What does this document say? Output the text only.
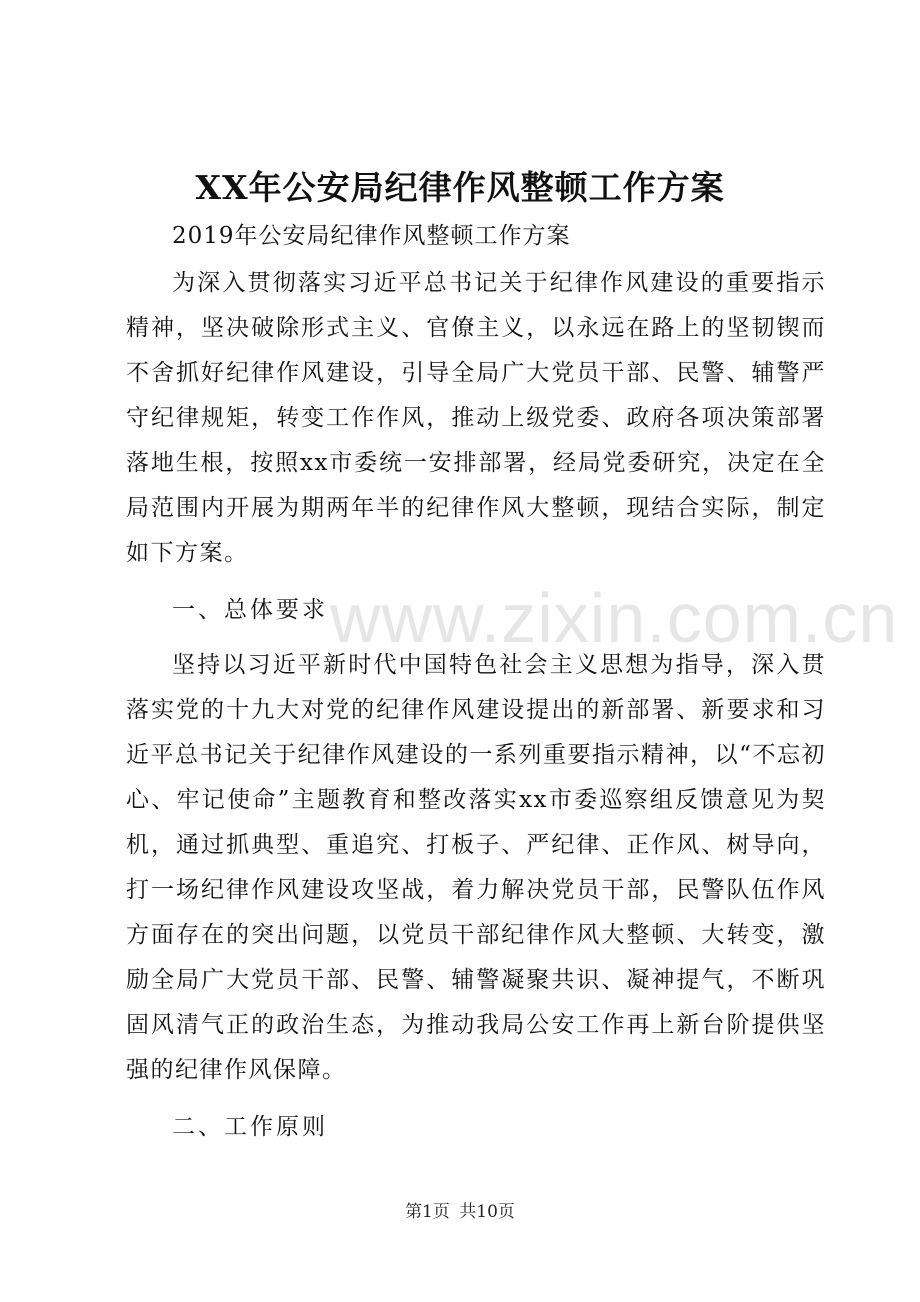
www.zixin.com.cn
XX年公安局纪律作风整顿工作方案

2019年公安局纪律作风整顿工作方案

为深入贯彻落实习近平总书记关于纪律作风建设的重要指示精神，坚决破除形式主义、官僚主义，以永远在路上的坚韧锲而不舍抓好纪律作风建设，引导全局广大党员干部、民警、辅警严守纪律规矩，转变工作作风，推动上级党委、政府各项决策部署落地生根，按照xx市委统一安排部署，经局党委研究，决定在全局范围内开展为期两年半的纪律作风大整顿，现结合实际，制定如下方案。

一、总体要求

坚持以习近平新时代中国特色社会主义思想为指导，深入贯落实党的十九大对党的纪律作风建设提出的新部署、新要求和习近平总书记关于纪律作风建设的一系列重要指示精神，以“不忘初心、牢记使命”主题教育和整改落实xx市委巡察组反馈意见为契机，通过抓典型、重追究、打板子、严纪律、正作风、树导向，打一场纪律作风建设攻坚战，着力解决党员干部，民警队伍作风方面存在的突出问题，以党员干部纪律作风大整顿、大转变，激励全局广大党员干部、民警、辅警凝聚共识、凝神提气，不断巩固风清气正的政治生态，为推动我局公安工作再上新台阶提供坚强的纪律作风保障。

二、工作原则

第1页 共10页
